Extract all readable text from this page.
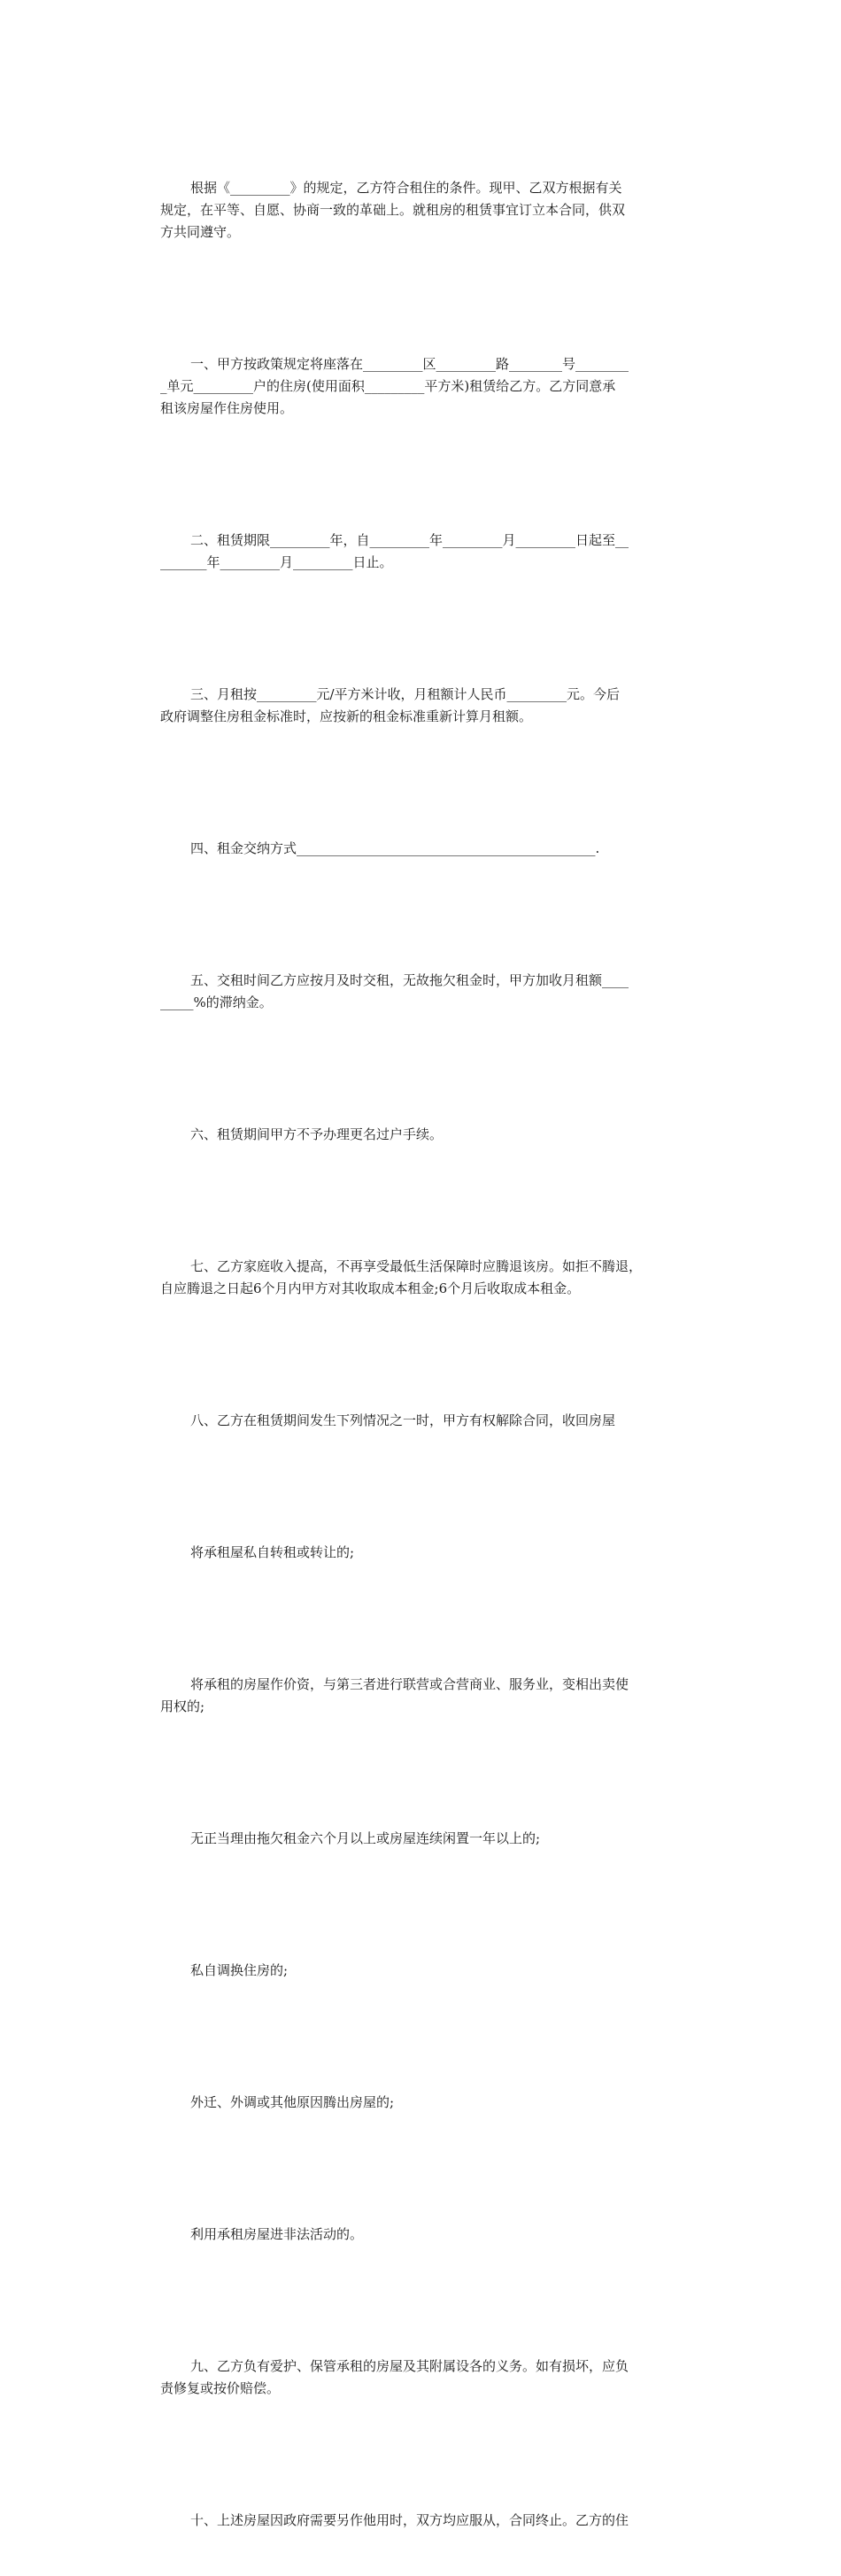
根据《_________》的规定，乙方符合租住的条件。现甲、乙双方根据有关
规定，在平等、自愿、协商一致的革础上。就租房的租赁事宜订立本合同，供双
方共同遵守。

一、甲方按政策规定将座落在_________区_________路________号________
_单元_________户的住房(使用面积_________平方米)租赁给乙方。乙方同意承
租该房屋作住房使用。

二、租赁期限_________年，自_________年_________月_________日起至__
_______年_________月_________日止。

三、月租按_________元/平方米计收，月租额计人民币_________元。今后
政府调整住房租金标准时，应按新的租金标准重新计算月租额。

四、租金交纳方式_____________________________________________.

五、交租时间乙方应按月及时交租，无故拖欠租金时，甲方加收月租额____
_____%的滞纳金。

六、租赁期间甲方不予办理更名过户手续。

七、乙方家庭收入提高，不再享受最低生活保障时应腾退该房。如拒不腾退，
自应腾退之日起6个月内甲方对其收取成本租金;6个月后收取成本租金。

八、乙方在租赁期间发生下列情况之一时，甲方有权解除合同，收回房屋

将承租屋私自转租或转让的;

将承租的房屋作价资，与第三者进行联营或合营商业、服务业，变相出卖使
用权的;

无正当理由拖欠租金六个月以上或房屋连续闲置一年以上的;

私自调换住房的;

外迁、外调或其他原因腾出房屋的;

利用承租房屋进非法活动的。

九、乙方负有爱护、保管承租的房屋及其附属设各的义务。如有损坏，应负
责修复或按价赔偿。

十、上述房屋因政府需要另作他用时，双方均应服从，合同终止。乙方的住
